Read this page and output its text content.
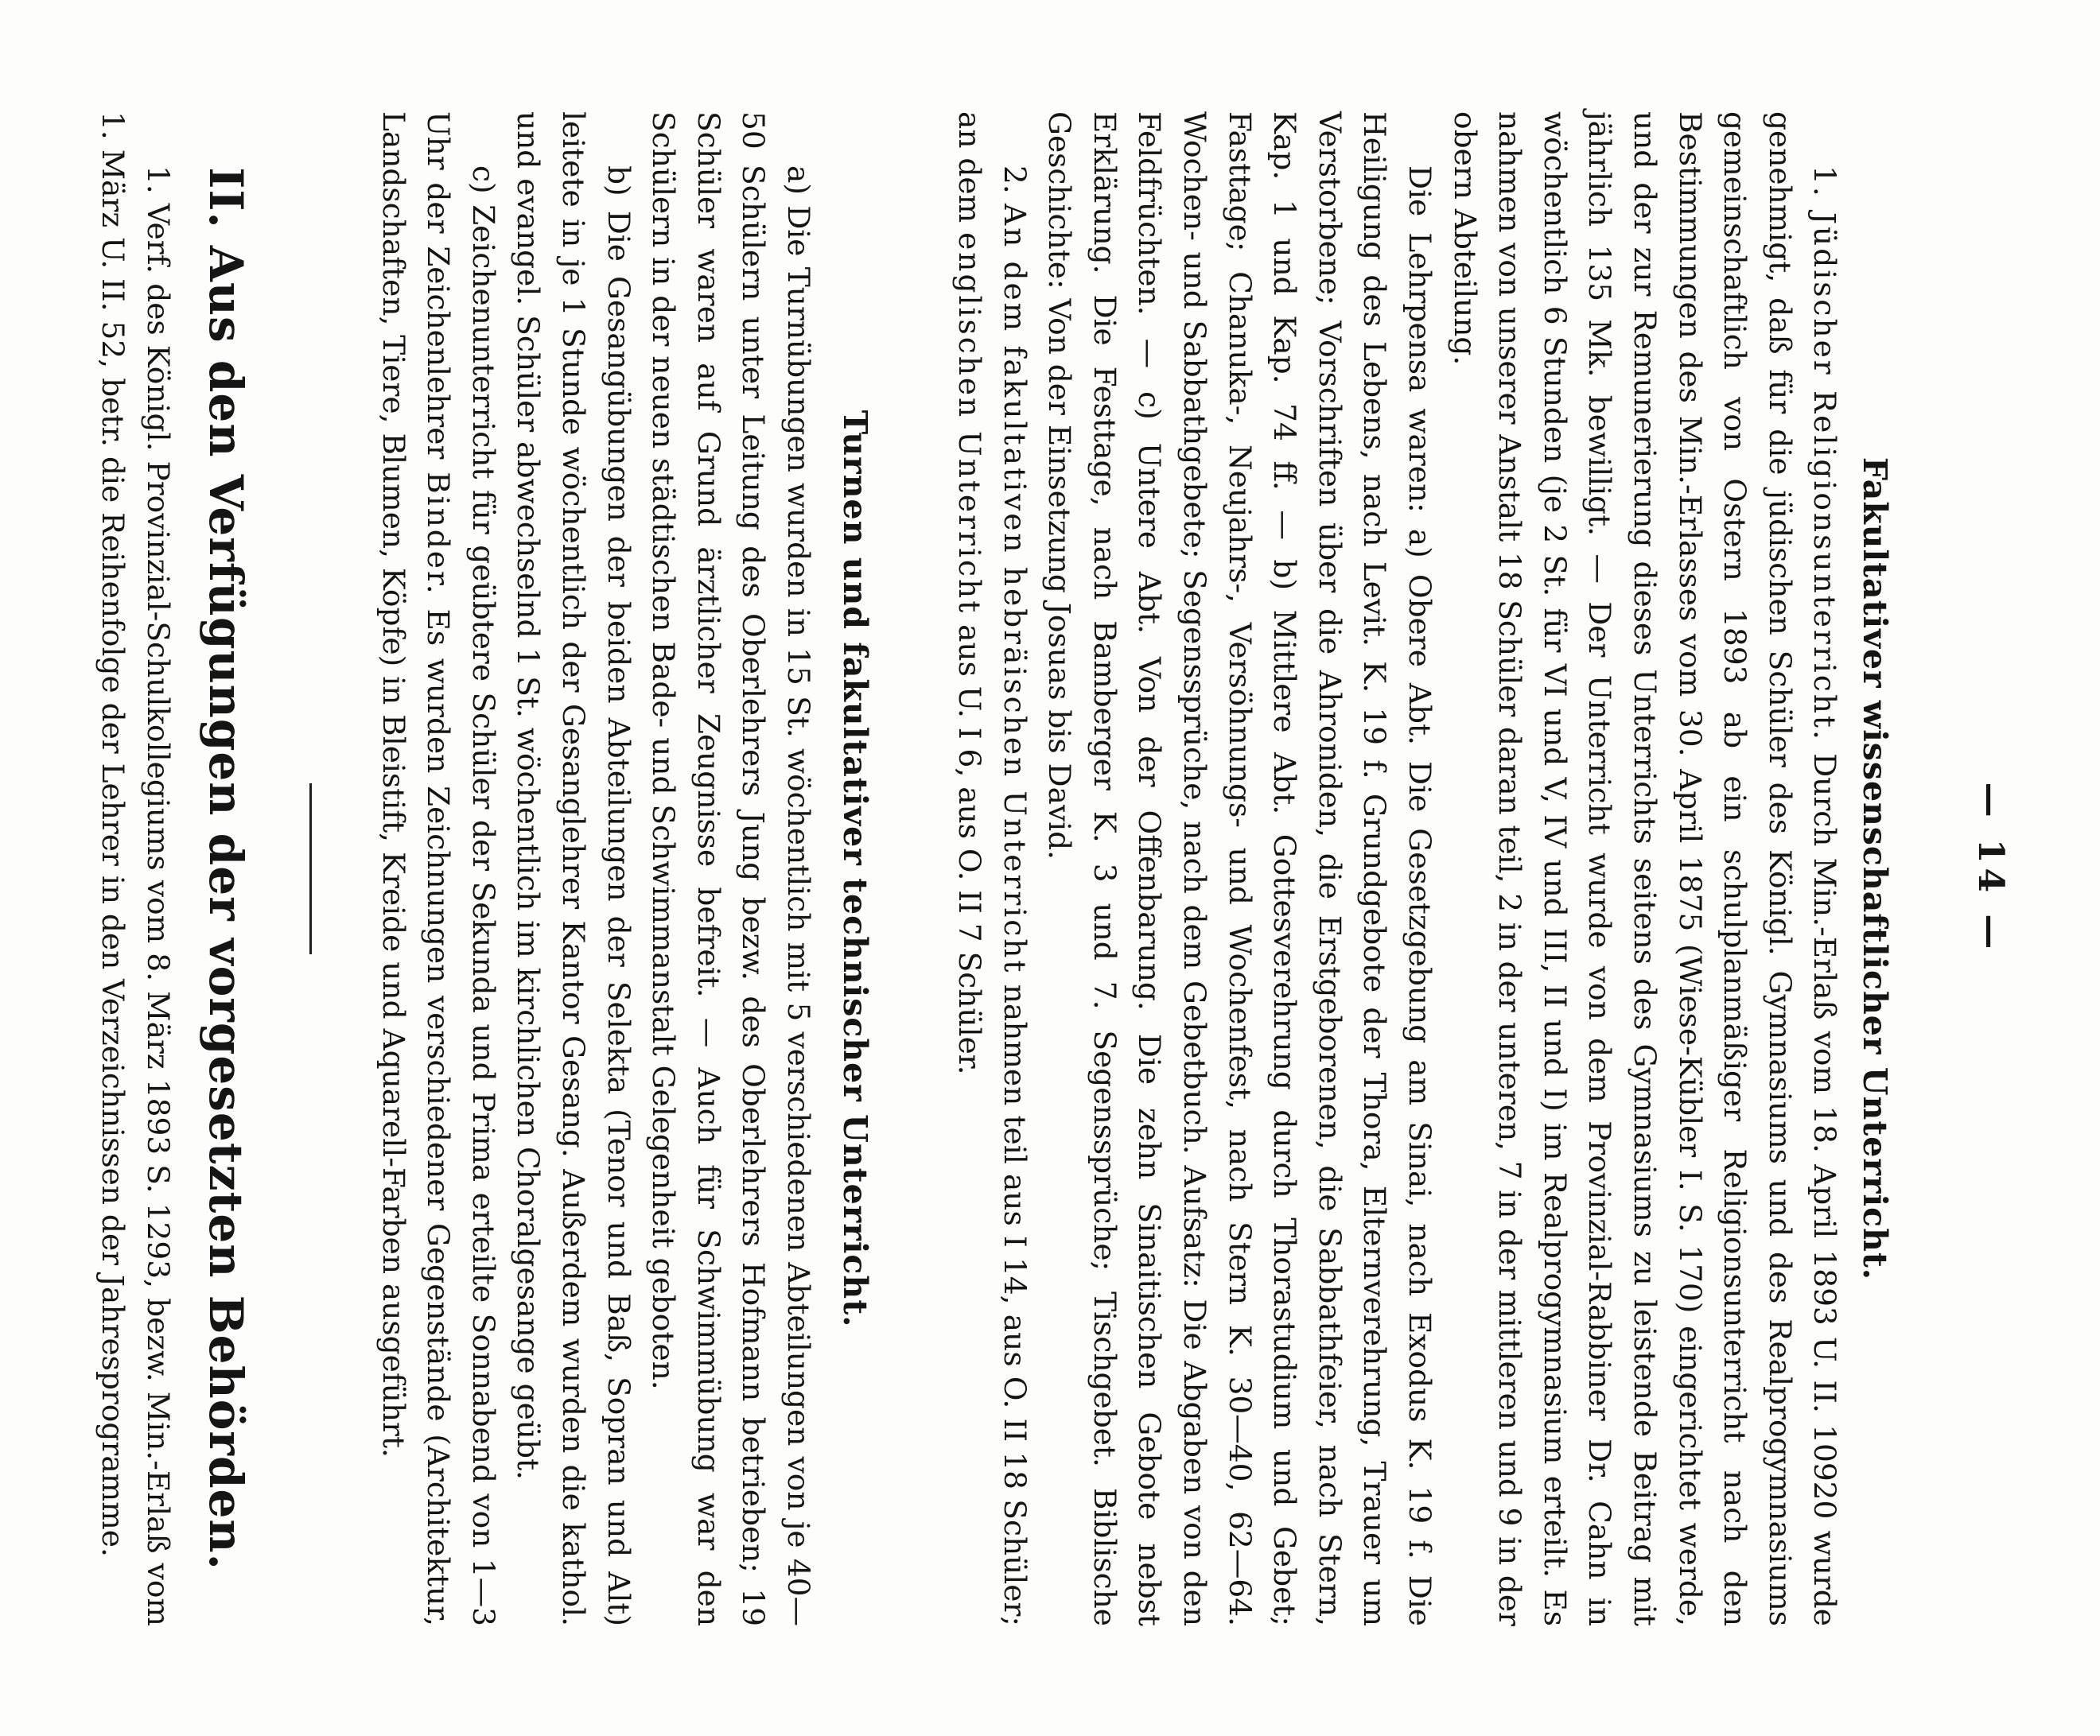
— 14 —
Fakultativer wissenschaftlicher Unterricht.

1. Jüdischer Religionsunterricht. Durch Min.-Erlaß vom 18. April 1893 U. II. 10920 wurde genehmigt, daß für die jüdischen Schüler des Königl. Gymnasiums und des Realprogymnasiums gemeinschaftlich von Ostern 1893 ab ein schulplanmäßiger Religionsunterricht nach den Bestimmungen des Min.-Erlasses vom 30. April 1875 (Wiese-Kübler I. S. 170) eingerichtet werde, und der zur Remunerierung dieses Unterrichts seitens des Gymnasiums zu leistende Beitrag mit jährlich 135 Mk. bewilligt. — Der Unterricht wurde von dem Provinzial-Rabbiner Dr. Cahn in wöchentlich 6 Stunden (je 2 St. für VI und V, IV und III, II und I) im Realprogymnasium erteilt. Es nahmen von unserer Anstalt 18 Schüler daran teil, 2 in der unteren, 7 in der mittleren und 9 in der obern Abteilung.

Die Lehrpensa waren: a) Obere Abt. Die Gesetzgebung am Sinai, nach Exodus K. 19 f. Die Heiligung des Lebens, nach Levit. K. 19 f. Grundgebote der Thora, Elternverehrung, Trauer um Verstorbene; Vorschriften über die Ahroniden, die Erstgeborenen, die Sabbathfeier, nach Stern, Kap. 1 und Kap. 74 ff. — b) Mittlere Abt. Gottesverehrung durch Thorastudium und Gebet; Fasttage; Chanuka-, Neujahrs-, Versöhnungs- und Wochenfest, nach Stern K. 30—40, 62—64. Wochen- und Sabbathgebete; Segenssprüche, nach dem Gebetbuch. Aufsatz: Die Abgaben von den Feldfrüchten. — c) Untere Abt. Von der Offenbarung. Die zehn Sinaitischen Gebote nebst Erklärung. Die Festtage, nach Bamberger K. 3 und 7. Segenssprüche; Tischgebet. Biblische Geschichte: Von der Einsetzung Josuas bis David.

2. An dem fakultativen hebräischen Unterricht nahmen teil aus I 14, aus O. II 18 Schüler; an dem englischen Unterricht aus U. I 6, aus O. II 7 Schüler.

Turnen und fakultativer technischer Unterricht.

a) Die Turnübungen wurden in 15 St. wöchentlich mit 5 verschiedenen Abteilungen von je 40—50 Schülern unter Leitung des Oberlehrers Jung bezw. des Oberlehrers Hofmann betrieben; 19 Schüler waren auf Grund ärztlicher Zeugnisse befreit. — Auch für Schwimmübung war den Schülern in der neuen städtischen Bade- und Schwimmanstalt Gelegenheit geboten.

b) Die Gesangübungen der beiden Abteilungen der Selekta (Tenor und Baß, Sopran und Alt) leitete in je 1 Stunde wöchentlich der Gesanglehrer Kantor Gesang. Außerdem wurden die kathol. und evangel. Schüler abwechselnd 1 St. wöchentlich im kirchlichen Choralgesange geübt.

c) Zeichenunterricht für geübtere Schüler der Sekunda und Prima erteilte Sonnabend von 1—3 Uhr der Zeichenlehrer Binder. Es wurden Zeichnungen verschiedener Gegenstände (Architektur, Landschaften, Tiere, Blumen, Köpfe) in Bleistift, Kreide und Aquarell-Farben ausgeführt.

II. Aus den Verfügungen der vorgesetzten Behörden.

1. Verf. des Königl. Provinzial-Schulkollegiums vom 8. März 1893 S. 1293, bezw. Min.-Erlaß vom 1. März U. II. 52, betr. die Reihenfolge der Lehrer in den Verzeichnissen der Jahresprogramme.
